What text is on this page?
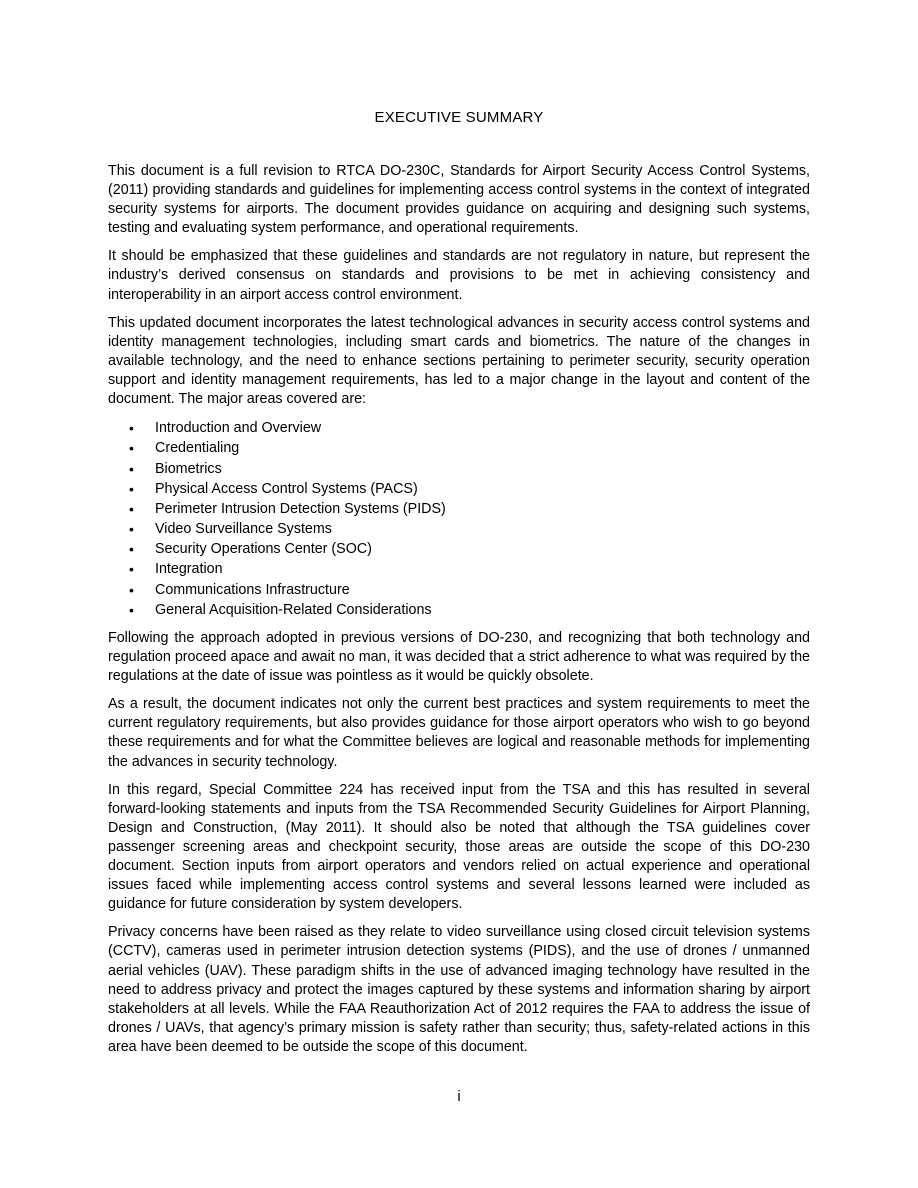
EXECUTIVE SUMMARY

This document is a full revision to RTCA DO-230C, Standards for Airport Security Access Control Systems, (2011) providing standards and guidelines for implementing access control systems in the context of integrated security systems for airports. The document provides guidance on acquiring and designing such systems, testing and evaluating system performance, and operational requirements.

It should be emphasized that these guidelines and standards are not regulatory in nature, but represent the industry’s derived consensus on standards and provisions to be met in achieving consistency and interoperability in an airport access control environment.

This updated document incorporates the latest technological advances in security access control systems and identity management technologies, including smart cards and biometrics. The nature of the changes in available technology, and the need to enhance sections pertaining to perimeter security, security operation support and identity management requirements, has led to a major change in the layout and content of the document. The major areas covered are:

• Introduction and Overview
• Credentialing
• Biometrics
• Physical Access Control Systems (PACS)
• Perimeter Intrusion Detection Systems (PIDS)
• Video Surveillance Systems
• Security Operations Center (SOC)
• Integration
• Communications Infrastructure
• General Acquisition-Related Considerations

Following the approach adopted in previous versions of DO-230, and recognizing that both technology and regulation proceed apace and await no man, it was decided that a strict adherence to what was required by the regulations at the date of issue was pointless as it would be quickly obsolete.

As a result, the document indicates not only the current best practices and system requirements to meet the current regulatory requirements, but also provides guidance for those airport operators who wish to go beyond these requirements and for what the Committee believes are logical and reasonable methods for implementing the advances in security technology.

In this regard, Special Committee 224 has received input from the TSA and this has resulted in several forward-looking statements and inputs from the TSA Recommended Security Guidelines for Airport Planning, Design and Construction, (May 2011). It should also be noted that although the TSA guidelines cover passenger screening areas and checkpoint security, those areas are outside the scope of this DO-230 document. Section inputs from airport operators and vendors relied on actual experience and operational issues faced while implementing access control systems and several lessons learned were included as guidance for future consideration by system developers.

Privacy concerns have been raised as they relate to video surveillance using closed circuit television systems (CCTV), cameras used in perimeter intrusion detection systems (PIDS), and the use of drones / unmanned aerial vehicles (UAV). These paradigm shifts in the use of advanced imaging technology have resulted in the need to address privacy and protect the images captured by these systems and information sharing by airport stakeholders at all levels. While the FAA Reauthorization Act of 2012 requires the FAA to address the issue of drones / UAVs, that agency’s primary mission is safety rather than security; thus, safety-related actions in this area have been deemed to be outside the scope of this document.

i
